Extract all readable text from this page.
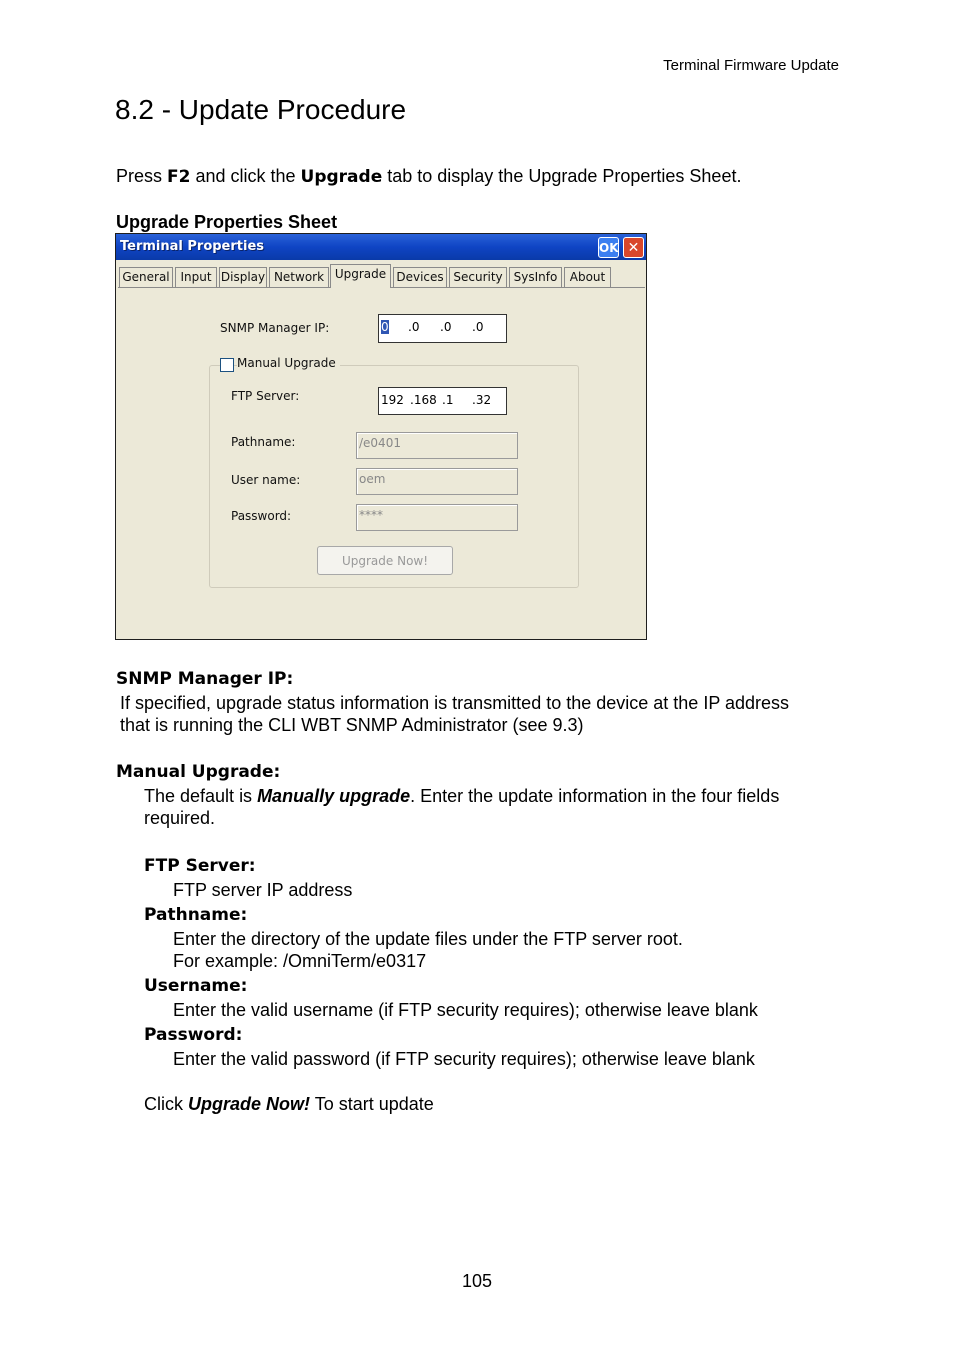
Terminal Firmware Update
8.2 - Update Procedure
Press F2 and click the Upgrade tab to display the Upgrade Properties Sheet.
Upgrade Properties Sheet
Terminal Properties	OK ✕
General Input Display Network Upgrade Devices Security SysInfo	About
SNMP Manager IP:	0 .0 .0 .0
Manual Upgrade
FTP Server:	192 .168 .1 .32
Pathname:	/e0401
User name:	oem
Password:	****
Upgrade Now!
SNMP Manager IP:
If specified, upgrade status information is transmitted to the device at the IP address
that is running the CLI WBT SNMP Administrator (see 9.3)
Manual Upgrade:
The default is Manually upgrade. Enter the update information in the four fields
required.
FTP Server:
FTP server IP address
Pathname:
Enter the directory of the update files under the FTP server root.
For example: /OmniTerm/e0317
Username:
Enter the valid username (if FTP security requires); otherwise leave blank
Password:
Enter the valid password (if FTP security requires); otherwise leave blank
Click Upgrade Now! To start update
105
